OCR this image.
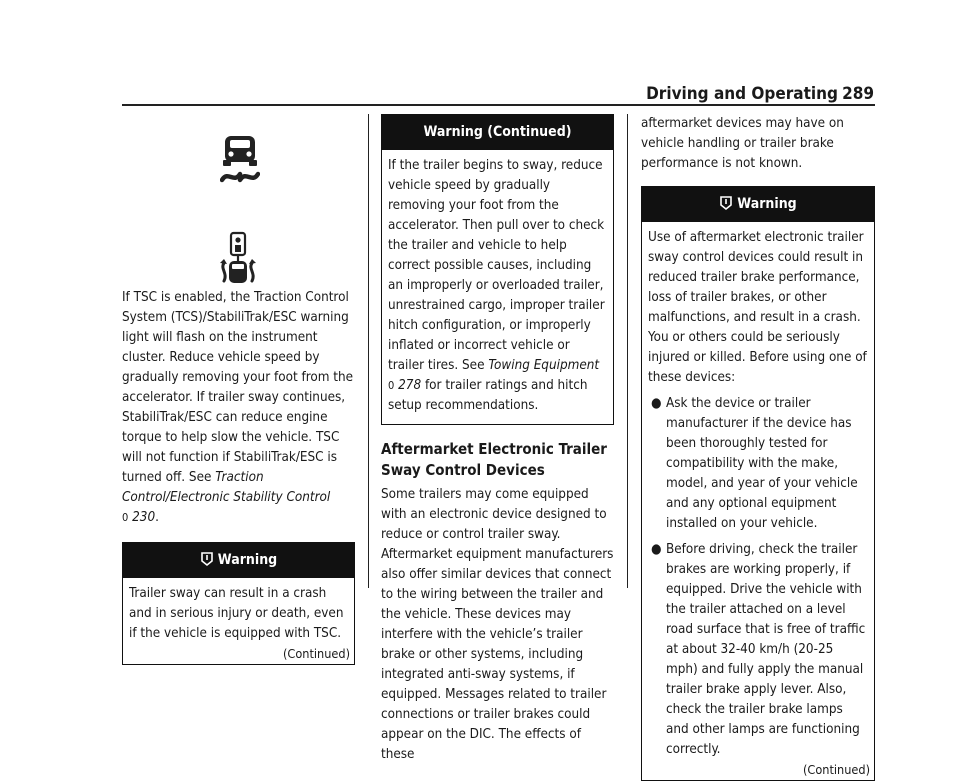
Driving and Operating 289

If TSC is enabled, the Traction Control System (TCS)/StabiliTrak/ESC warning light will flash on the instrument cluster. Reduce vehicle speed by gradually removing your foot from the accelerator. If trailer sway continues, StabiliTrak/ESC can reduce engine torque to help slow the vehicle. TSC will not function if StabiliTrak/ESC is turned off. See Traction Control/Electronic Stability Control
0 230.

Warning

Trailer sway can result in a crash and in serious injury or death, even if the vehicle is equipped with TSC.

(Continued)
Warning (Continued)

If the trailer begins to sway, reduce vehicle speed by gradually removing your foot from the accelerator. Then pull over to check the trailer and vehicle to help correct possible causes, including an improperly or overloaded trailer, unrestrained cargo, improper trailer hitch configuration, or improperly inflated or incorrect vehicle or trailer tires. See Towing Equipment 0 278 for trailer ratings and hitch setup recommendations.

Aftermarket Electronic Trailer Sway Control Devices

Some trailers may come equipped with an electronic device designed to reduce or control trailer sway. Aftermarket equipment manufacturers also offer similar devices that connect to the wiring between the trailer and the vehicle. These devices may interfere with the vehicle’s trailer brake or other systems, including integrated anti-sway systems, if equipped. Messages related to trailer connections or trailer brakes could appear on the DIC. The effects of these

aftermarket devices may have on vehicle handling or trailer brake performance is not known.

Warning

Use of aftermarket electronic trailer sway control devices could result in reduced trailer brake performance, loss of trailer brakes, or other malfunctions, and result in a crash. You or others could be seriously injured or killed. Before using one of these devices:

● Ask the device or trailer manufacturer if the device has been thoroughly tested for compatibility with the make, model, and year of your vehicle and any optional equipment installed on your vehicle.
● Before driving, check the trailer brakes are working properly, if equipped. Drive the vehicle with the trailer attached on a level road surface that is free of traffic at about 32-40 km/h (20-25 mph) and fully apply the manual trailer brake apply lever. Also, check the trailer brake lamps and other lamps are functioning correctly.
(Continued)
